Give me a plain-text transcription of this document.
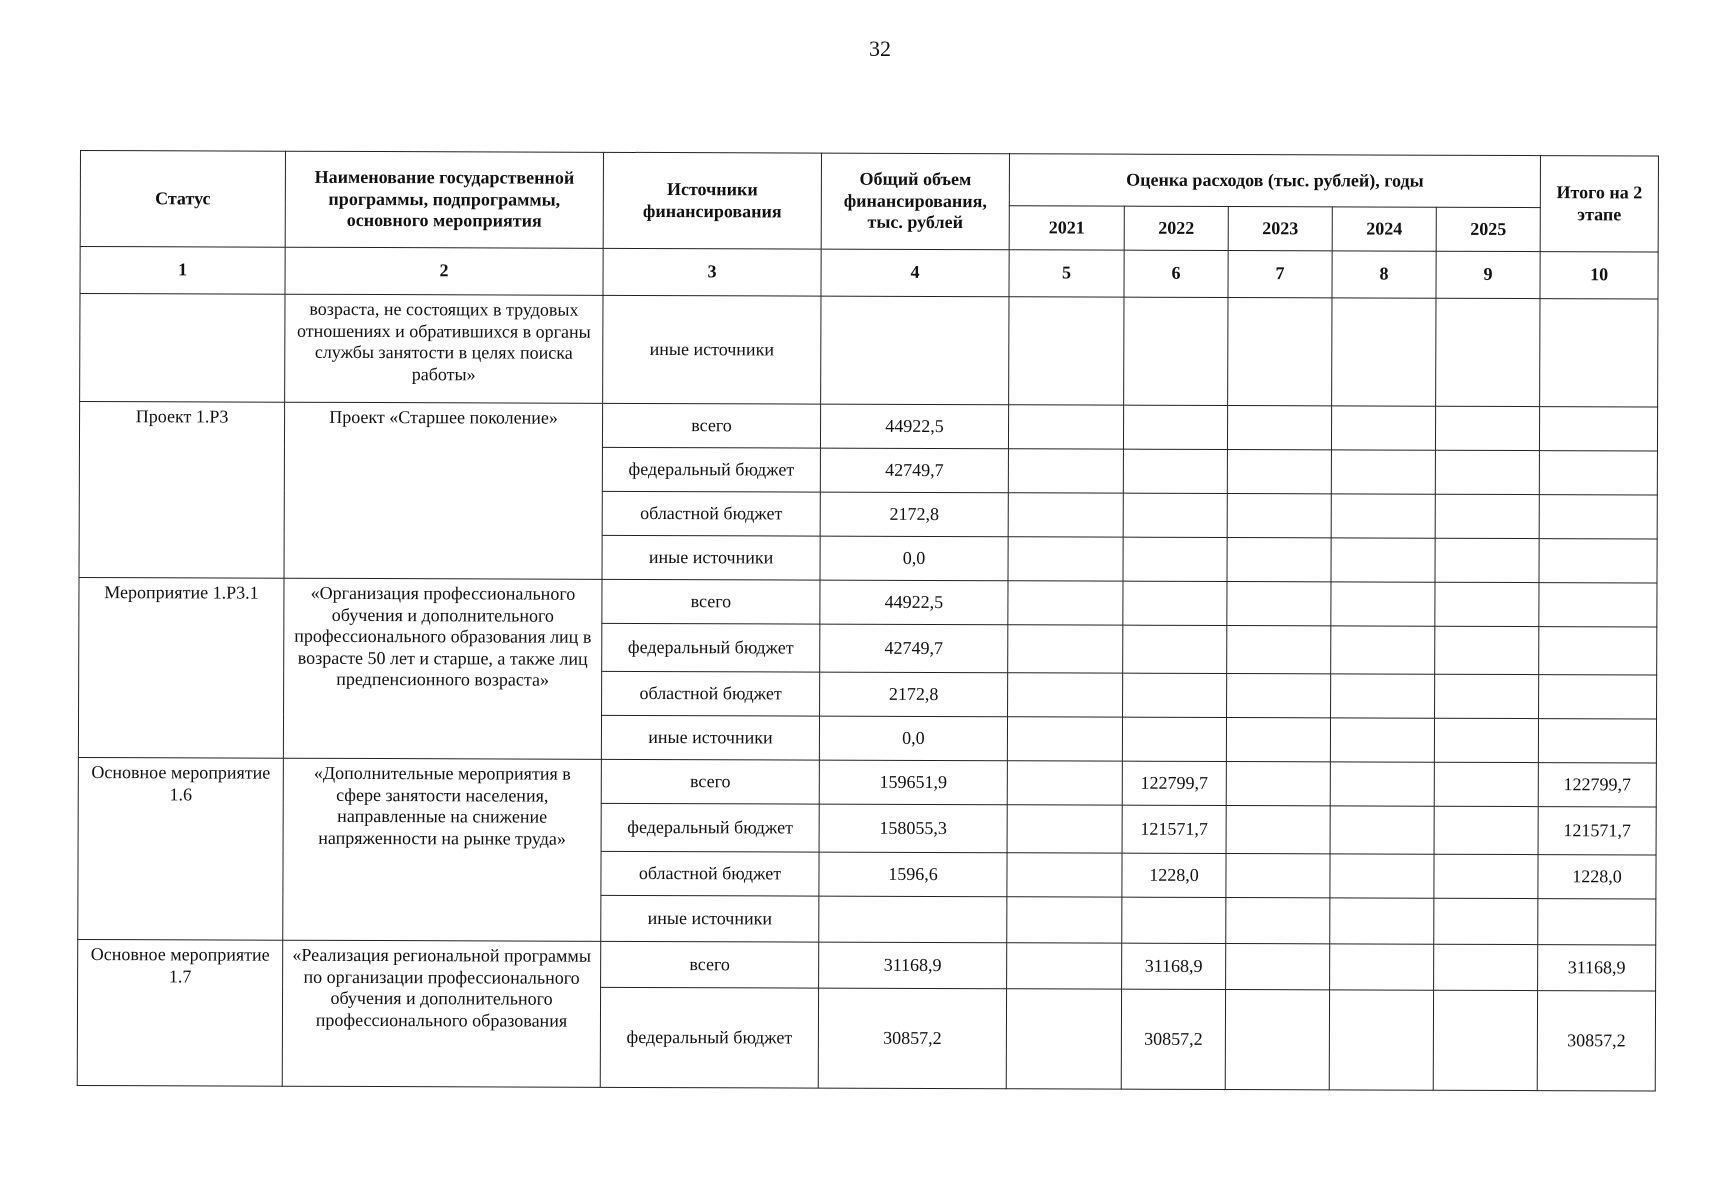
32
Статус	Наименование государственной программы, подпрограммы, основного мероприятия	Источники финансирования	Общий объем финансирования, тыс. рублей	Оценка расходов (тыс. рублей), годы					Итого на 2 этапе
				2021	2022	2023	2024	2025	
1	2	3	4	5	6	7	8	9	10
	возраста, не состоящих в трудовых отношениях и обратившихся в органы службы занятости в целях поиска работы»	иные источники							
Проект 1.Р3	Проект «Старшее поколение»	всего	44922,5						
		федеральный бюджет	42749,7						
		областной бюджет	2172,8						
		иные источники	0,0						
Мероприятие 1.Р3.1	«Организация профессионального обучения и дополнительного профессионального образования лиц в возрасте 50 лет и старше, а также лиц предпенсионного возраста»	всего	44922,5						
		федеральный бюджет	42749,7						
		областной бюджет	2172,8						
		иные источники	0,0						
Основное мероприятие 1.6	«Дополнительные мероприятия в сфере занятости населения, направленные на снижение напряженности на рынке труда»	всего	159651,9		122799,7				122799,7
		федеральный бюджет	158055,3		121571,7				121571,7
		областной бюджет	1596,6		1228,0				1228,0
		иные источники							
Основное мероприятие 1.7	«Реализация региональной программы по организации профессионального обучения и дополнительного профессионального образования	всего	31168,9		31168,9				31168,9
		федеральный бюджет	30857,2		30857,2				30857,2
